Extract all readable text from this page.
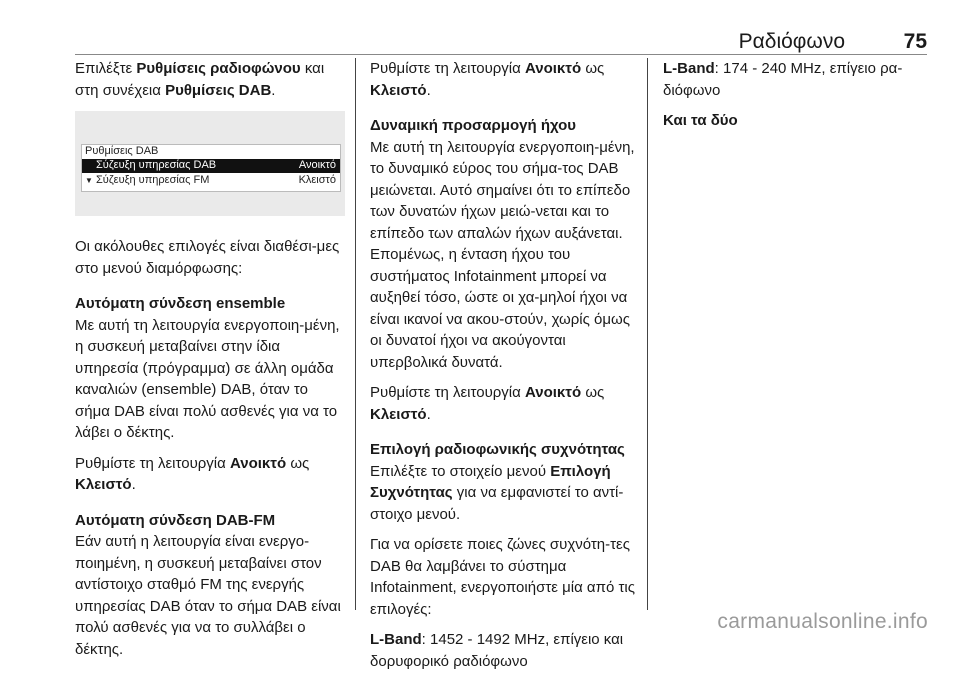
Ραδιόφωνο	75

Επιλέξτε Ρυθμίσεις ραδιοφώνου και στη συνέχεια Ρυθμίσεις DAB.

Ρυθμίσεις DAB
Σύζευξη υπηρεσίας DAB	Ανοικτό
▼ Σύζευξη υπηρεσίας FM	Κλειστό

Οι ακόλουθες επιλογές είναι διαθέσι-μες στο μενού διαμόρφωσης:

Αυτόματη σύνδεση ensemble

Με αυτή τη λειτουργία ενεργοποιη-μένη, η συσκευή μεταβαίνει στην ίδια υπηρεσία (πρόγραμμα) σε άλλη ομάδα καναλιών (ensemble) DAB, όταν το σήμα DAB είναι πολύ ασθενές για να το λάβει ο δέκτης.

Ρυθμίστε τη λειτουργία Ανοικτό ως Κλειστό.

Αυτόματη σύνδεση DAB-FM

Εάν αυτή η λειτουργία είναι ενεργο-ποιημένη, η συσκευή μεταβαίνει στον αντίστοιχο σταθμό FM της ενεργής υπηρεσίας DAB όταν το σήμα DAB είναι πολύ ασθενές για να το συλλάβει ο δέκτης.

Ρυθμίστε τη λειτουργία Ανοικτό ως Κλειστό.

Δυναμική προσαρμογή ήχου

Με αυτή τη λειτουργία ενεργοποιη-μένη, το δυναμικό εύρος του σήμα-τος DAB μειώνεται. Αυτό σημαίνει ότι το επίπεδο των δυνατών ήχων μειώ-νεται και το επίπεδο των απαλών ήχων αυξάνεται. Επομένως, η ένταση ήχου του συστήματος Infotainment μπορεί να αυξηθεί τόσο, ώστε οι χα-μηλοί ήχοι να είναι ικανοί να ακου-στούν, χωρίς όμως οι δυνατοί ήχοι να ακούγονται υπερβολικά δυνατά.

Ρυθμίστε τη λειτουργία Ανοικτό ως Κλειστό.

Επιλογή ραδιοφωνικής συχνότητας

Επιλέξτε το στοιχείο μενού Επιλογή Συχνότητας για να εμφανιστεί το αντί-στοιχο μενού.

Για να ορίσετε ποιες ζώνες συχνότη-τες DAB θα λαμβάνει το σύστημα Infotainment, ενεργοποιήστε μία από τις επιλογές:

L-Band: 1452 - 1492 MHz, επίγειο και δορυφορικό ραδιόφωνο

L-Band: 174 - 240 MHz, επίγειο ρα-διόφωνο

Και τα δύο

carmanualsonline.info
